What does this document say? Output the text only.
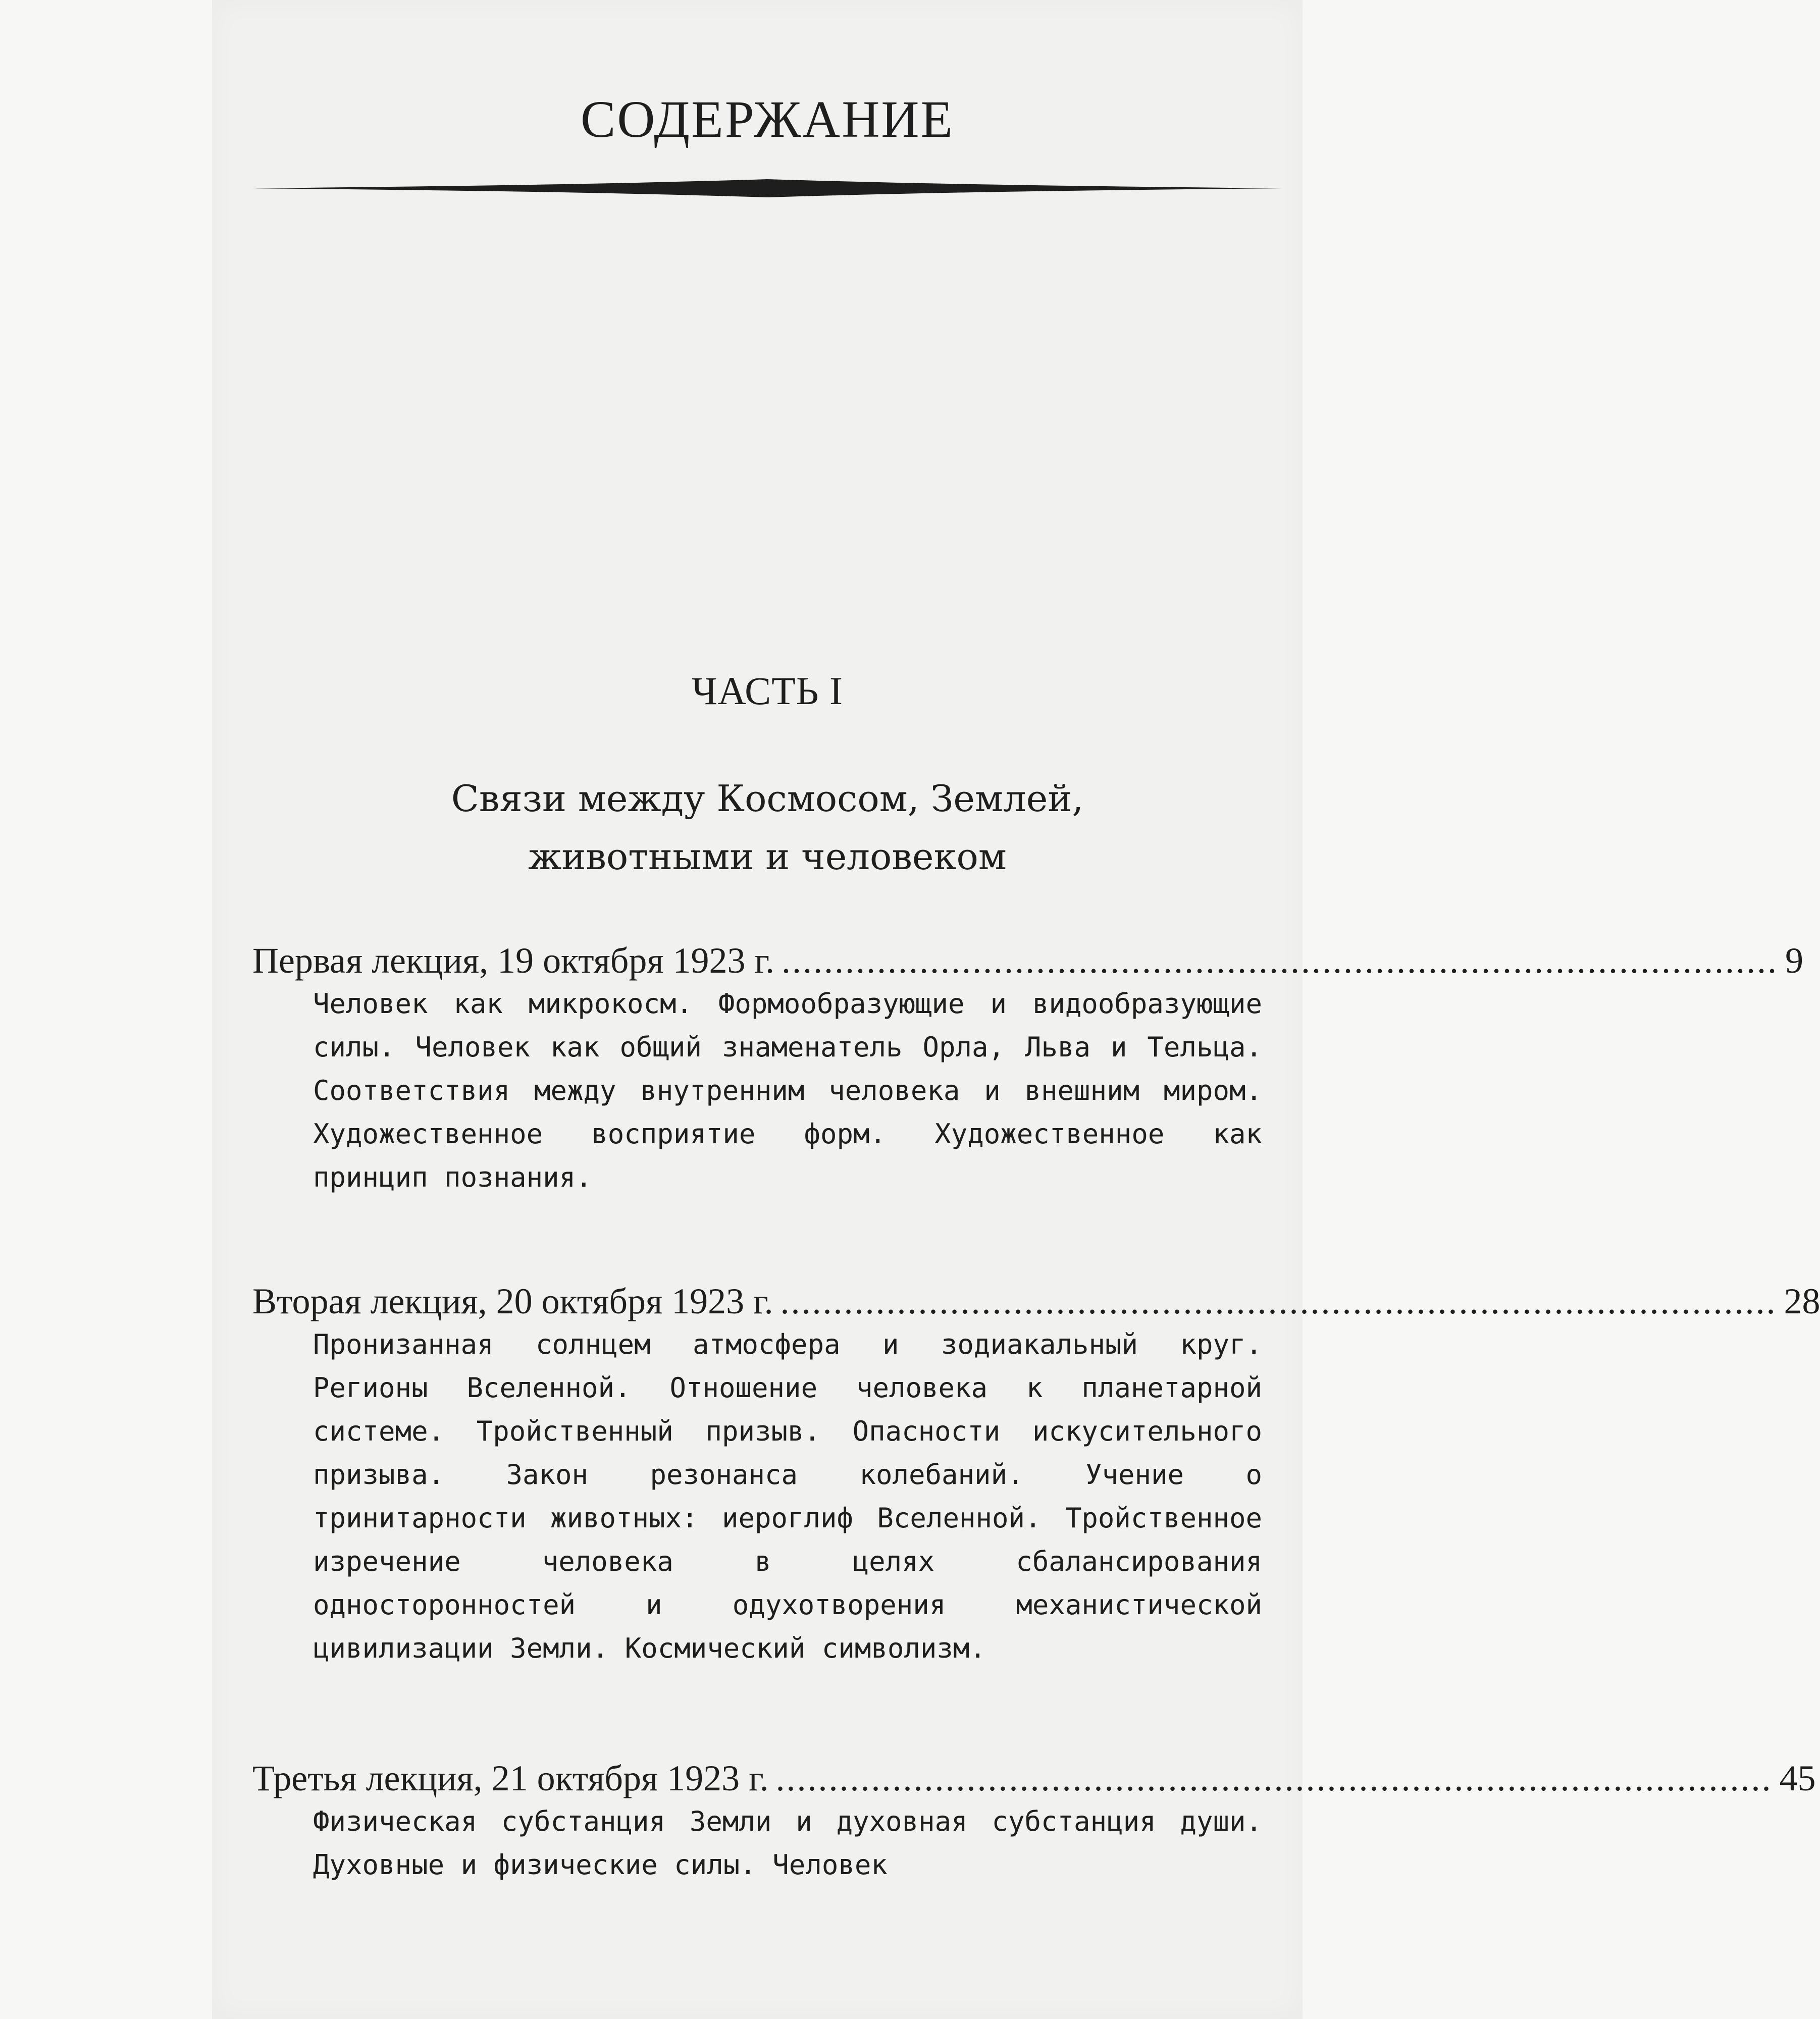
СОДЕРЖАНИЕ
ЧАСТЬ I
Связи между Космосом, Землей,
животными и человеком
Первая лекция, 19 октября 1923 г. .............................................................................................. 9
Человек как микрокосм. Формообразующие и видообразующие силы. Человек как общий знаменатель Орла, Льва и Тельца. Соответствия между внутренним человека и внешним миром. Художественное восприятие форм. Художественное как принцип познания.
Вторая лекция, 20 октября 1923 г. .............................................................................................. 28
Пронизанная солнцем атмосфера и зодиакальный круг. Регионы Вселенной. Отношение человека к планетарной системе. Тройственный призыв. Опасности искусительного призыва. Закон резонанса колебаний. Учение о тринитарности животных: иероглиф Вселенной. Тройственное изречение человека в целях сбалансирования односторонностей и одухотворения механистической цивилизации Земли. Космический символизм.
Третья лекция, 21 октября 1923 г. .............................................................................................. 45
Физическая субстанция Земли и духовная субстанция души. Духовные и физические силы. Человек
